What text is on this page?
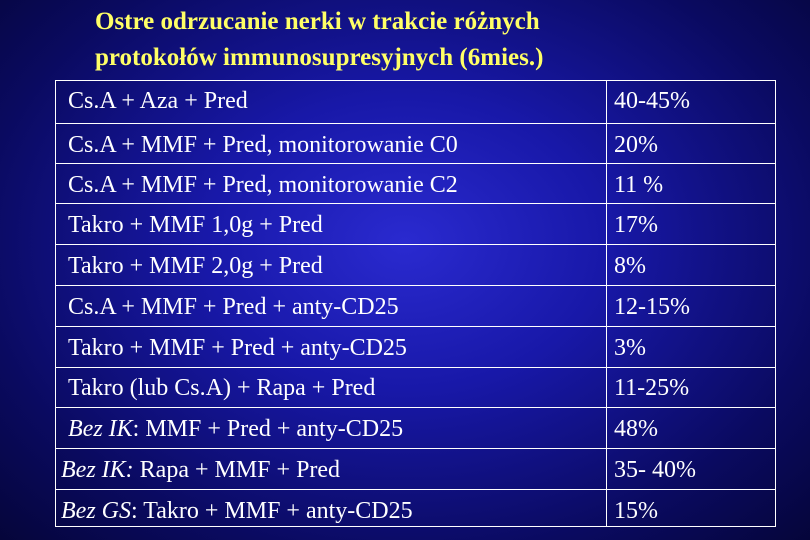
Ostre odrzucanie nerki w trakcie różnych
protokołów immunosupresyjnych (6mies.)
Cs.A + Aza + Pred	40-45%
Cs.A + MMF + Pred, monitorowanie C0	20%
Cs.A + MMF + Pred, monitorowanie C2	11 %
Takro + MMF 1,0g + Pred	17%
Takro + MMF 2,0g + Pred	8%
Cs.A + MMF + Pred + anty-CD25	12-15%
Takro + MMF + Pred + anty-CD25	3%
Takro (lub Cs.A) + Rapa + Pred	11-25%
Bez IK: MMF + Pred + anty-CD25	48%
Bez IK: Rapa + MMF + Pred	35- 40%
Bez GS: Takro + MMF + anty-CD25	15%
